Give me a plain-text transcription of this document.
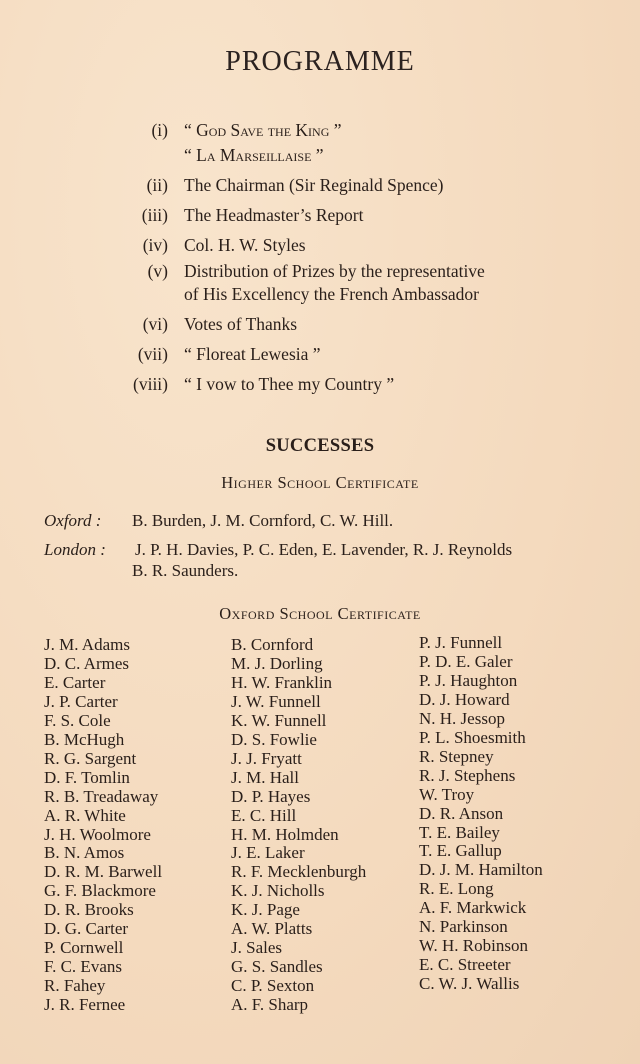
PROGRAMME
(i) “ God Save the King ”
“ La Marseillaise ”
(ii) The Chairman (Sir Reginald Spence)
(iii) The Headmaster’s Report
(iv) Col. H. W. Styles
(v) Distribution of Prizes by the representative
of His Excellency the French Ambassador
(vi) Votes of Thanks
(vii) “ Floreat Lewesia ”
(viii) “ I vow to Thee my Country ”
SUCCESSES
Higher School Certificate
Oxford : B. Burden, J. M. Cornford, C. W. Hill.
London : J. P. H. Davies, P. C. Eden, E. Lavender, R. J. Reynolds
B. R. Saunders.
Oxford School Certificate
J. M. Adams
D. C. Armes
E. Carter
J. P. Carter
F. S. Cole
B. McHugh
R. G. Sargent
D. F. Tomlin
R. B. Treadaway
A. R. White
J. H. Woolmore
B. N. Amos
D. R. M. Barwell
G. F. Blackmore
D. R. Brooks
D. G. Carter
P. Cornwell
F. C. Evans
R. Fahey
J. R. Fernee
B. Cornford
M. J. Dorling
H. W. Franklin
J. W. Funnell
K. W. Funnell
D. S. Fowlie
J. J. Fryatt
J. M. Hall
D. P. Hayes
E. C. Hill
H. M. Holmden
J. E. Laker
R. F. Mecklenburgh
K. J. Nicholls
K. J. Page
A. W. Platts
J. Sales
G. S. Sandles
C. P. Sexton
A. F. Sharp
P. J. Funnell
P. D. E. Galer
P. J. Haughton
D. J. Howard
N. H. Jessop
P. L. Shoesmith
R. Stepney
R. J. Stephens
W. Troy
D. R. Anson
T. E. Bailey
T. E. Gallup
D. J. M. Hamilton
R. E. Long
A. F. Markwick
N. Parkinson
W. H. Robinson
E. C. Streeter
C. W. J. Wallis
